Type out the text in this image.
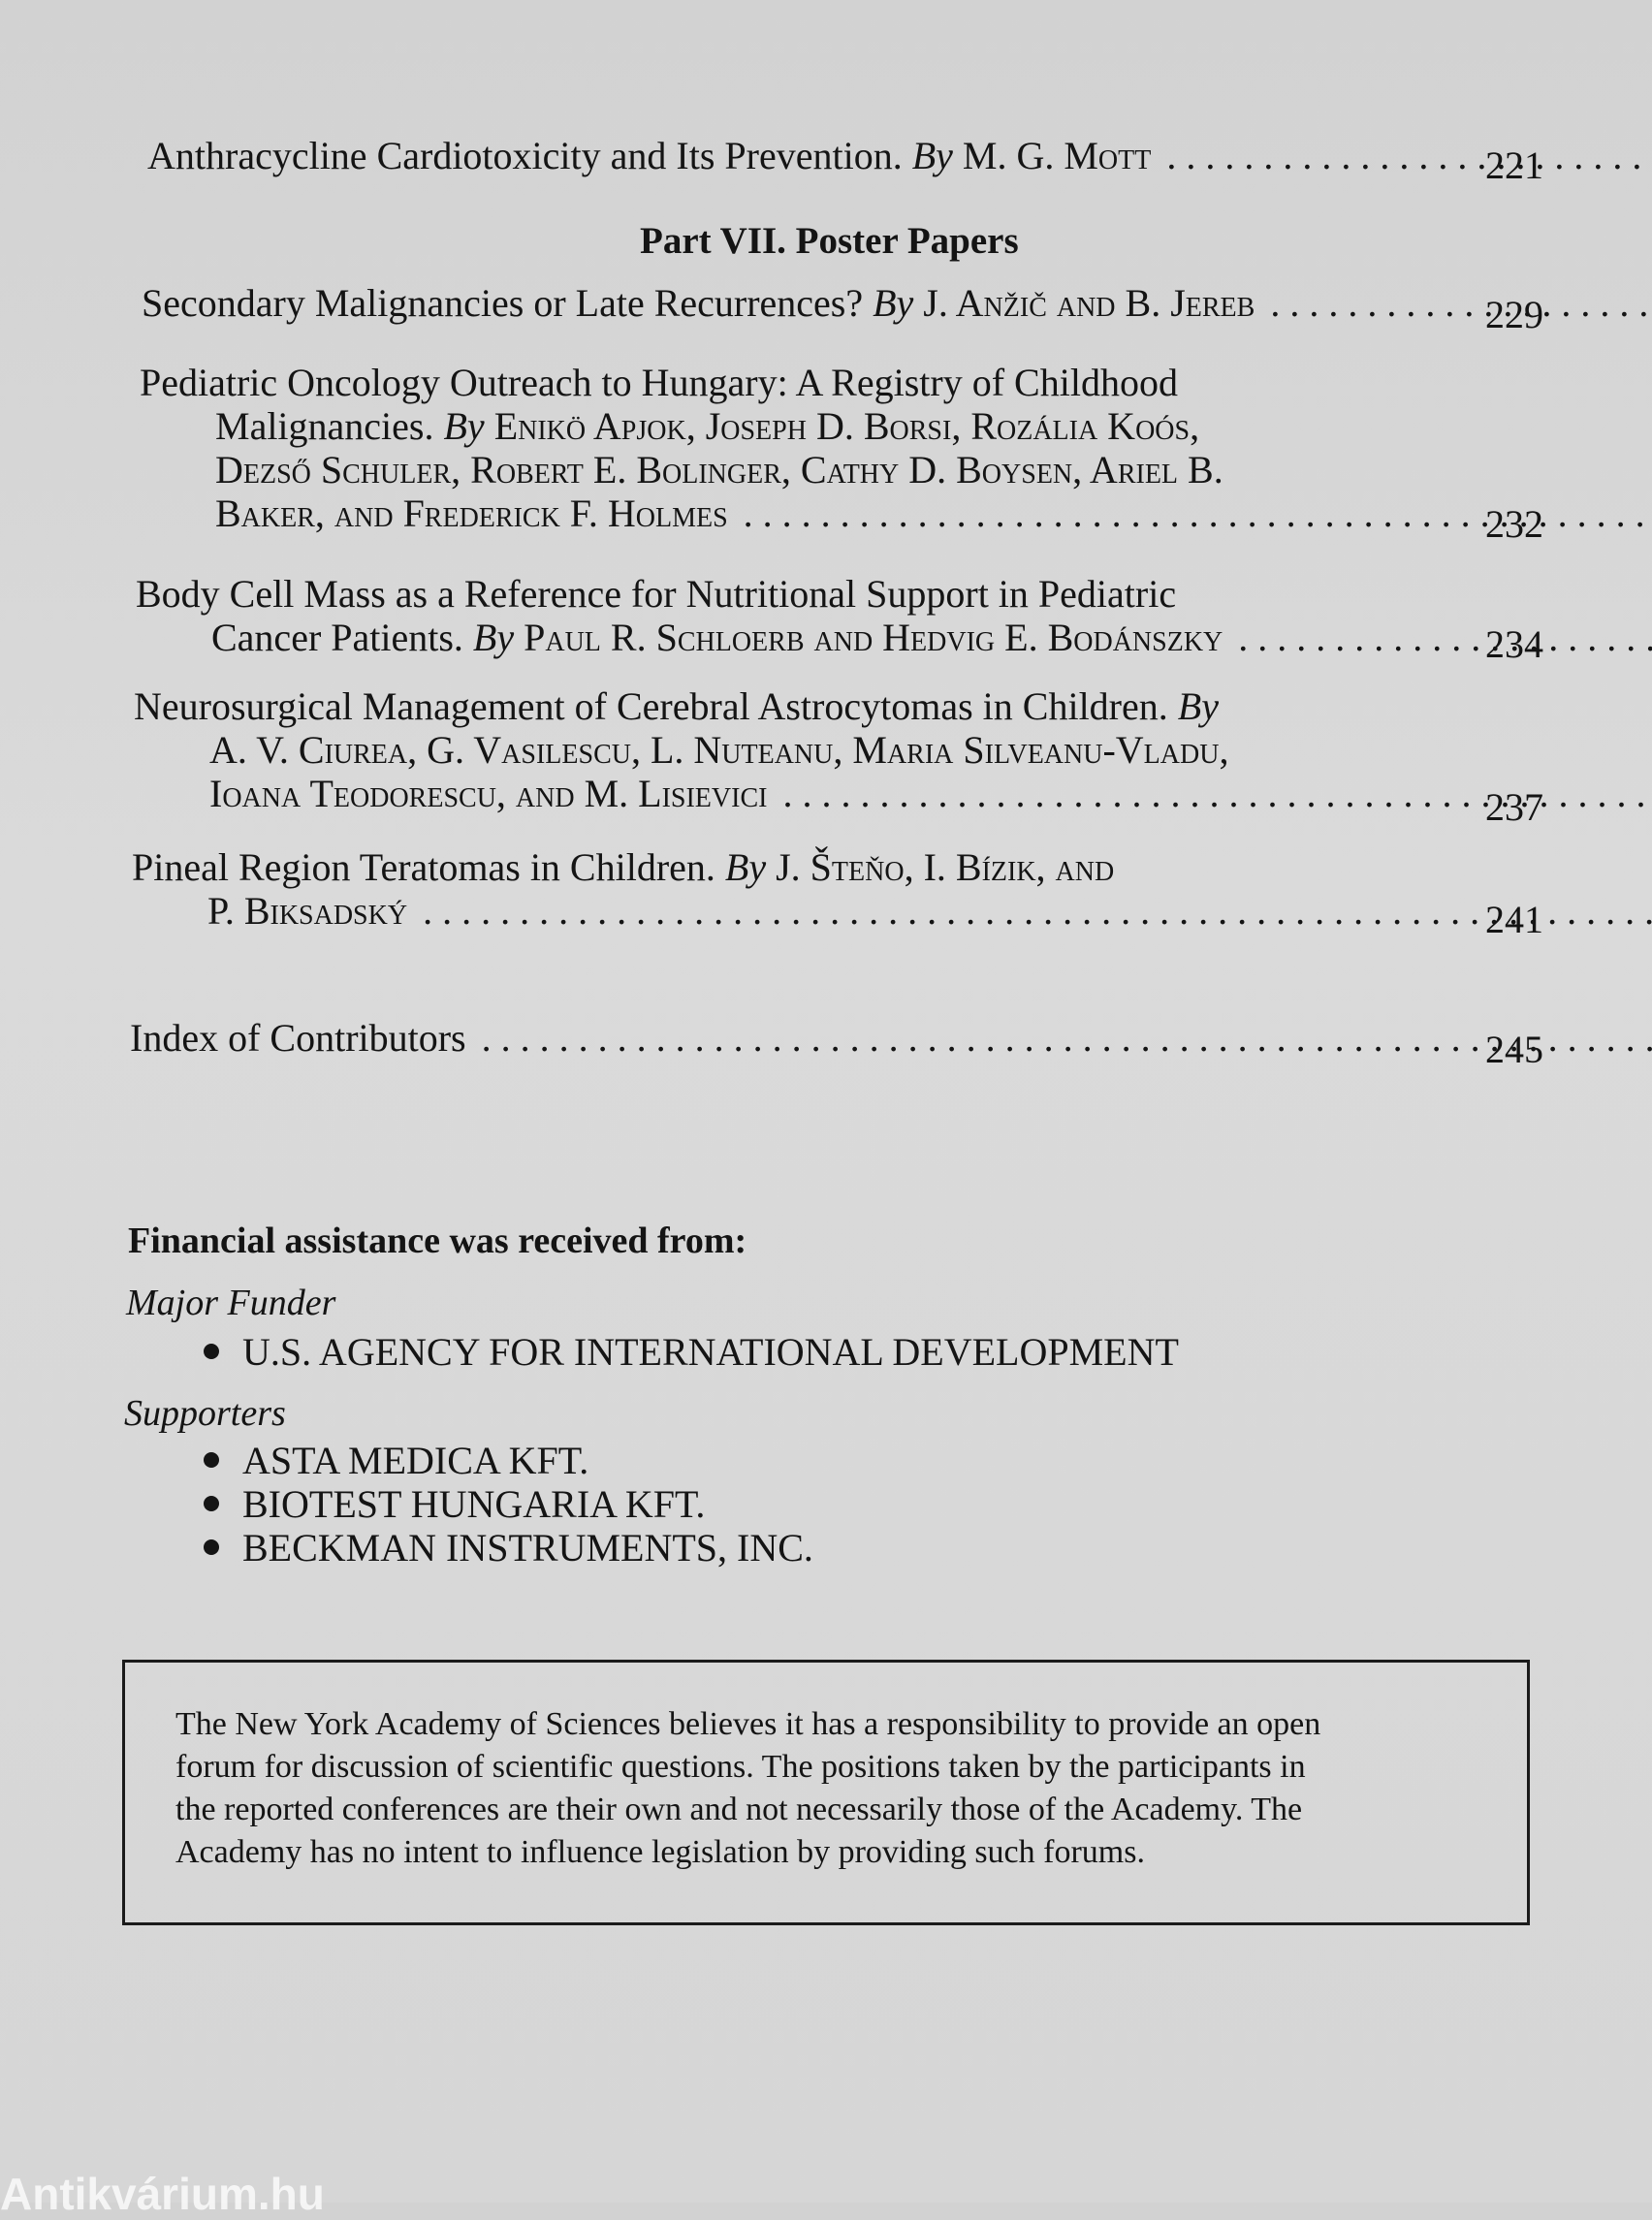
Anthracycline Cardiotoxicity and Its Prevention. By M. G. Mott . . .	221
Part VII. Poster Papers
Secondary Malignancies or Late Recurrences? By J. Anžič and B. Jereb . . .	229
Pediatric Oncology Outreach to Hungary: A Registry of Childhood
Malignancies. By Enikö Apjok, Joseph D. Borsi, Rozália Koós,
Dezső Schuler, Robert E. Bolinger, Cathy D. Boysen, Ariel B.
Baker, and Frederick F. Holmes . . .	232
Body Cell Mass as a Reference for Nutritional Support in Pediatric
Cancer Patients. By Paul R. Schloerb and Hedvig E. Bodánszky . . .	234
Neurosurgical Management of Cerebral Astrocytomas in Children. By
A. V. Ciurea, G. Vasilescu, L. Nuteanu, Maria Silveanu-Vladu,
Ioana Teodorescu, and M. Lisievici . . .	237
Pineal Region Teratomas in Children. By J. Šteňo, I. Bízik, and
P. Biksadský . . .	241
Index of Contributors . . .	245
Financial assistance was received from:
Major Funder
U.S. AGENCY FOR INTERNATIONAL DEVELOPMENT
Supporters
ASTA MEDICA KFT.
BIOTEST HUNGARIA KFT.
BECKMAN INSTRUMENTS, INC.

The New York Academy of Sciences believes it has a responsibility to provide an open
forum for discussion of scientific questions. The positions taken by the participants in
the reported conferences are their own and not necessarily those of the Academy. The
Academy has no intent to influence legislation by providing such forums.

Antikvárium.hu
